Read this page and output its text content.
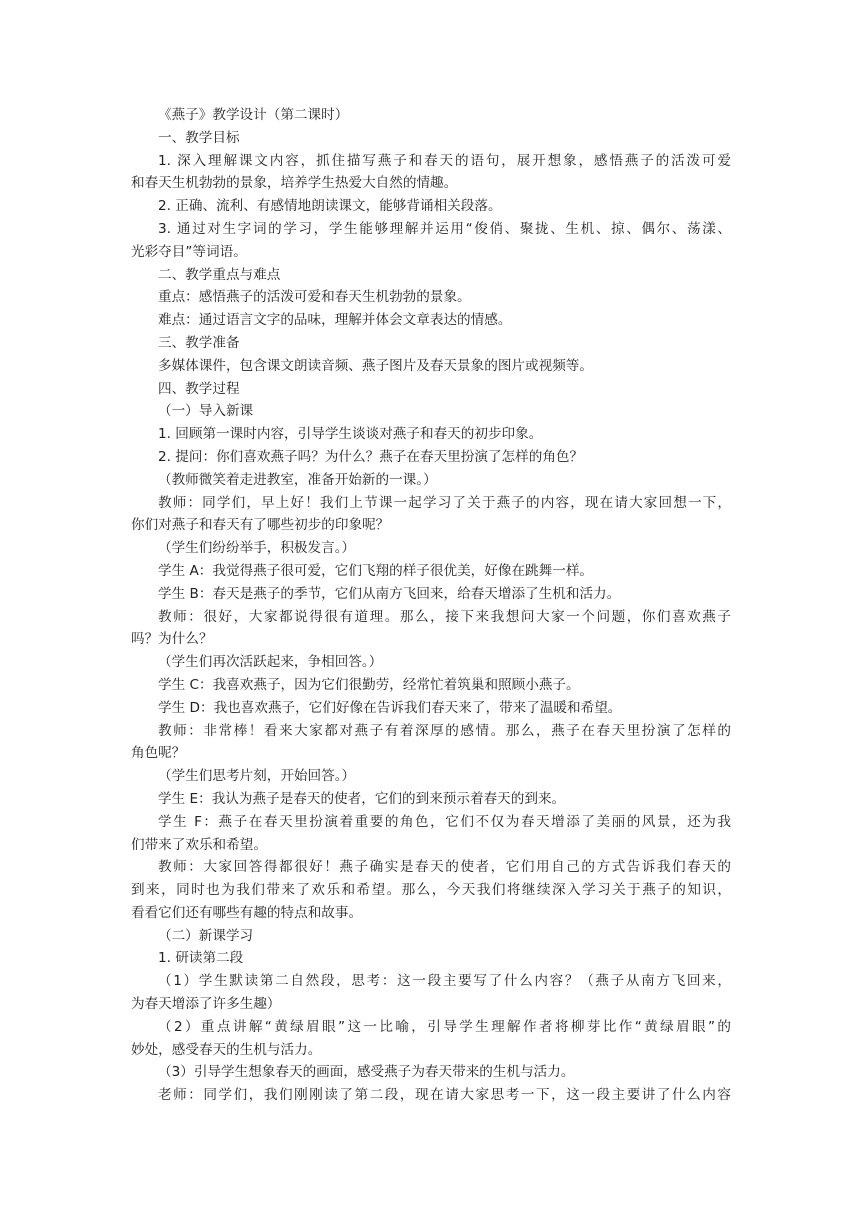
《燕子》教学设计（第二课时）
一、教学目标
1. 深入理解课文内容，抓住描写燕子和春天的语句，展开想象，感悟燕子的活泼可爱
和春天生机勃勃的景象，培养学生热爱大自然的情趣。
2. 正确、流利、有感情地朗读课文，能够背诵相关段落。
3. 通过对生字词的学习，学生能够理解并运用“俊俏、聚拢、生机、掠、偶尔、荡漾、
光彩夺目”等词语。
二、教学重点与难点
重点：感悟燕子的活泼可爱和春天生机勃勃的景象。
难点：通过语言文字的品味，理解并体会文章表达的情感。
三、教学准备
多媒体课件，包含课文朗读音频、燕子图片及春天景象的图片或视频等。
四、教学过程
（一）导入新课
1. 回顾第一课时内容，引导学生谈谈对燕子和春天的初步印象。
2. 提问：你们喜欢燕子吗？为什么？燕子在春天里扮演了怎样的角色？
（教师微笑着走进教室，准备开始新的一课。）
教师：同学们，早上好！我们上节课一起学习了关于燕子的内容，现在请大家回想一下，
你们对燕子和春天有了哪些初步的印象呢？
（学生们纷纷举手，积极发言。）
学生 A：我觉得燕子很可爱，它们飞翔的样子很优美，好像在跳舞一样。
学生 B：春天是燕子的季节，它们从南方飞回来，给春天增添了生机和活力。
教师：很好，大家都说得很有道理。那么，接下来我想问大家一个问题，你们喜欢燕子
吗？为什么？
（学生们再次活跃起来，争相回答。）
学生 C：我喜欢燕子，因为它们很勤劳，经常忙着筑巢和照顾小燕子。
学生 D：我也喜欢燕子，它们好像在告诉我们春天来了，带来了温暖和希望。
教师：非常棒！看来大家都对燕子有着深厚的感情。那么，燕子在春天里扮演了怎样的
角色呢？
（学生们思考片刻，开始回答。）
学生 E：我认为燕子是春天的使者，它们的到来预示着春天的到来。
学生 F：燕子在春天里扮演着重要的角色，它们不仅为春天增添了美丽的风景，还为我
们带来了欢乐和希望。
教师：大家回答得都很好！燕子确实是春天的使者，它们用自己的方式告诉我们春天的
到来，同时也为我们带来了欢乐和希望。那么，今天我们将继续深入学习关于燕子的知识，
看看它们还有哪些有趣的特点和故事。
（二）新课学习
1. 研读第二段
（1）学生默读第二自然段，思考：这一段主要写了什么内容？（燕子从南方飞回来，
为春天增添了许多生趣）
（2）重点讲解“黄绿眉眼”这一比喻，引导学生理解作者将柳芽比作“黄绿眉眼”的
妙处，感受春天的生机与活力。
（3）引导学生想象春天的画面，感受燕子为春天带来的生机与活力。
老师：同学们，我们刚刚读了第二段，现在请大家思考一下，这一段主要讲了什么内容
